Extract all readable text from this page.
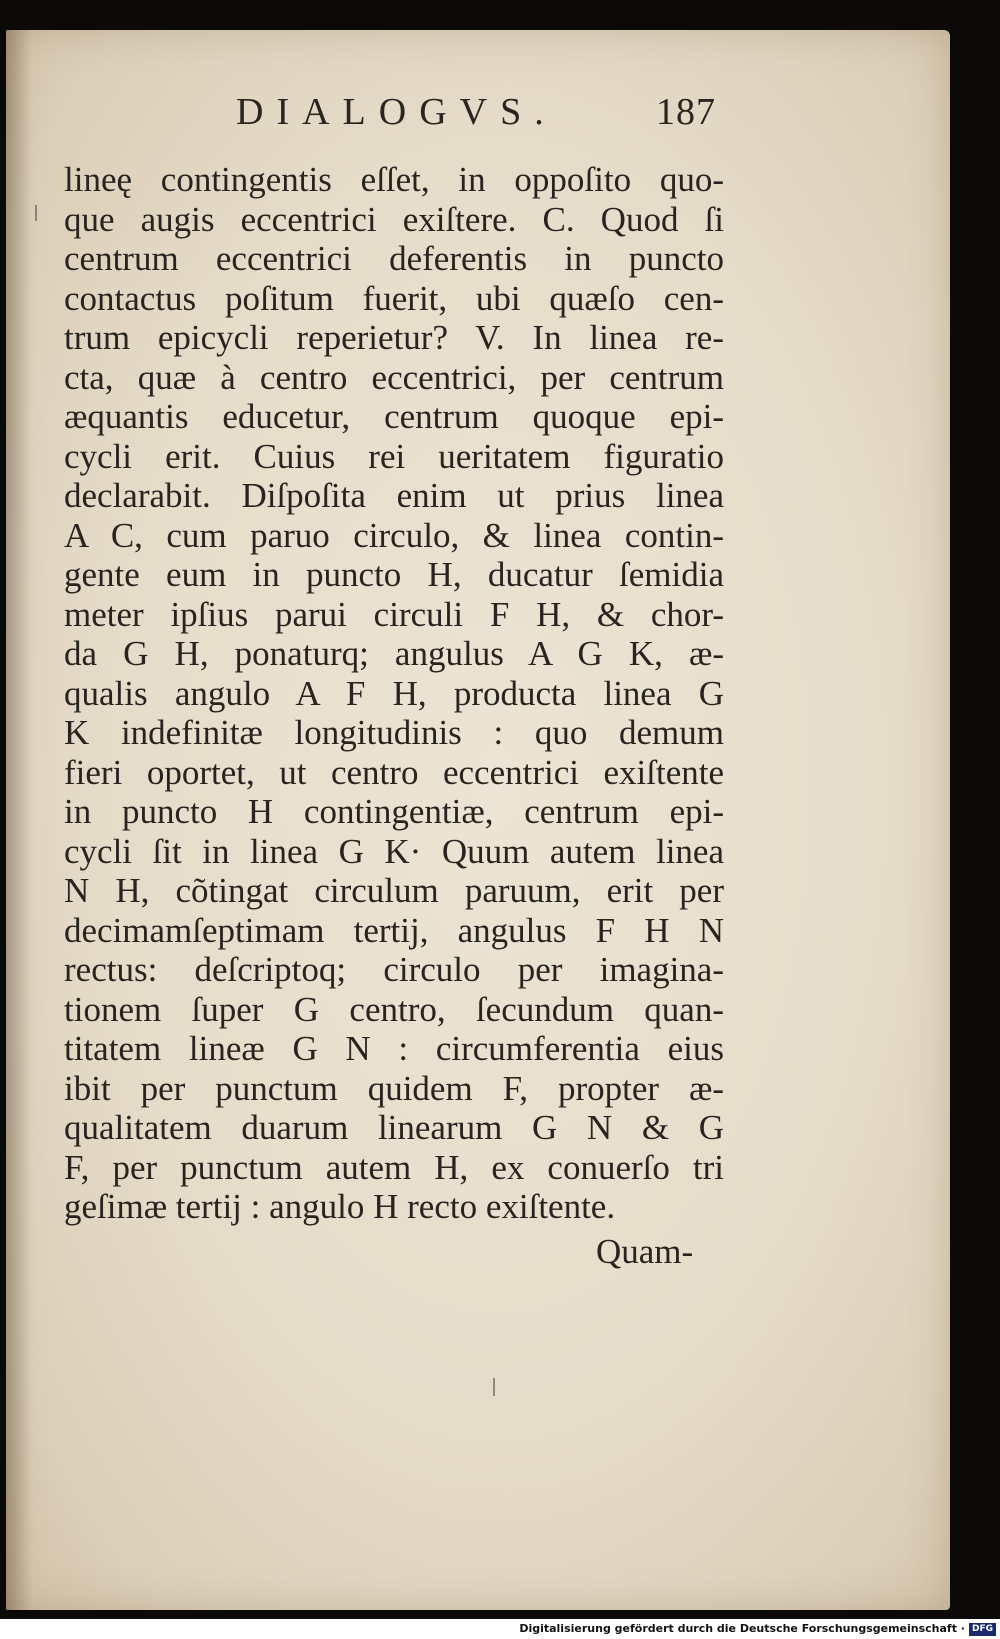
DIALOGVS.	187
lineę contingentis eſſet, in oppoſito quo-
que augis eccentrici exiſtere. C. Quod ſi
centrum eccentrici deferentis in puncto
contactus poſitum fuerit, ubi quæſo cen-
trum epicycli reperietur? V. In linea re-
cta, quæ à centro eccentrici, per centrum
æquantis educetur, centrum quoque epi-
cycli erit. Cuius rei ueritatem figuratio
declarabit. Diſpoſita enim ut prius linea
A C, cum paruo circulo, & linea contin-
gente eum in puncto H, ducatur ſemidia
meter ipſius parui circuli F H, & chor-
da G H, ponaturq; angulus A G K, æ-
qualis angulo A F H, producta linea G
K indefinitæ longitudinis : quo demum
fieri oportet, ut centro eccentrici exiſtente
in puncto H contingentiæ, centrum epi-
cycli ſit in linea G K· Quum autem linea
N H, cõtingat circulum paruum, erit per
decimamſeptimam tertij, angulus F H N
rectus: deſcriptoq; circulo per imagina-
tionem ſuper G centro, ſecundum quan-
titatem lineæ G N : circumferentia eius
ibit per punctum quidem F, propter æ-
qualitatem duarum linearum G N & G
F, per punctum autem H, ex conuerſo tri
geſimæ tertij : angulo H recto exiſtente.
Quam-
Digitalisierung gefördert durch die Deutsche Forschungsgemeinschaft · DFG
